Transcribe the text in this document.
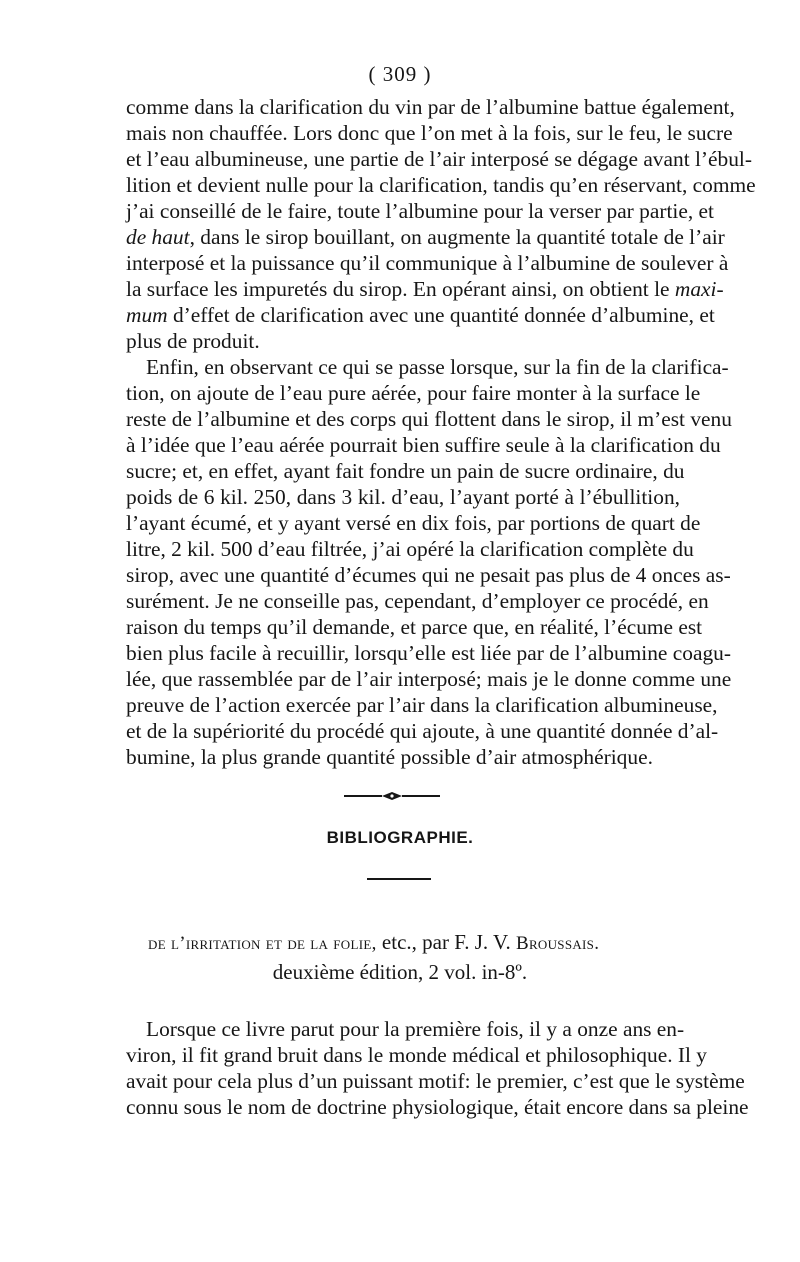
( 309 )
comme dans la clarification du vin par de l’albumine battue également,
mais non chauffée. Lors donc que l’on met à la fois, sur le feu, le sucre
et l’eau albumineuse, une partie de l’air interposé se dégage avant l’ébul-
lition et devient nulle pour la clarification, tandis qu’en réservant, comme
j’ai conseillé de le faire, toute l’albumine pour la verser par partie, et
de haut, dans le sirop bouillant, on augmente la quantité totale de l’air
interposé et la puissance qu’il communique à l’albumine de soulever à
la surface les impuretés du sirop. En opérant ainsi, on obtient le maxi-
mum d’effet de clarification avec une quantité donnée d’albumine, et
plus de produit.
Enfin, en observant ce qui se passe lorsque, sur la fin de la clarifica-
tion, on ajoute de l’eau pure aérée, pour faire monter à la surface le
reste de l’albumine et des corps qui flottent dans le sirop, il m’est venu
à l’idée que l’eau aérée pourrait bien suffire seule à la clarification du
sucre; et, en effet, ayant fait fondre un pain de sucre ordinaire, du
poids de 6 kil. 250, dans 3 kil. d’eau, l’ayant porté à l’ébullition,
l’ayant écumé, et y ayant versé en dix fois, par portions de quart de
litre, 2 kil. 500 d’eau filtrée, j’ai opéré la clarification complète du
sirop, avec une quantité d’écumes qui ne pesait pas plus de 4 onces as-
surément. Je ne conseille pas, cependant, d’employer ce procédé, en
raison du temps qu’il demande, et parce que, en réalité, l’écume est
bien plus facile à recuillir, lorsqu’elle est liée par de l’albumine coagu-
lée, que rassemblée par de l’air interposé; mais je le donne comme une
preuve de l’action exercée par l’air dans la clarification albumineuse,
et de la supériorité du procédé qui ajoute, à une quantité donnée d’al-
bumine, la plus grande quantité possible d’air atmosphérique.
BIBLIOGRAPHIE.
de l’irritation et de la folie, etc., par F. J. V. Broussais.
deuxième édition, 2 vol. in-8º.
Lorsque ce livre parut pour la première fois, il y a onze ans en-
viron, il fit grand bruit dans le monde médical et philosophique. Il y
avait pour cela plus d’un puissant motif: le premier, c’est que le système
connu sous le nom de doctrine physiologique, était encore dans sa pleine
